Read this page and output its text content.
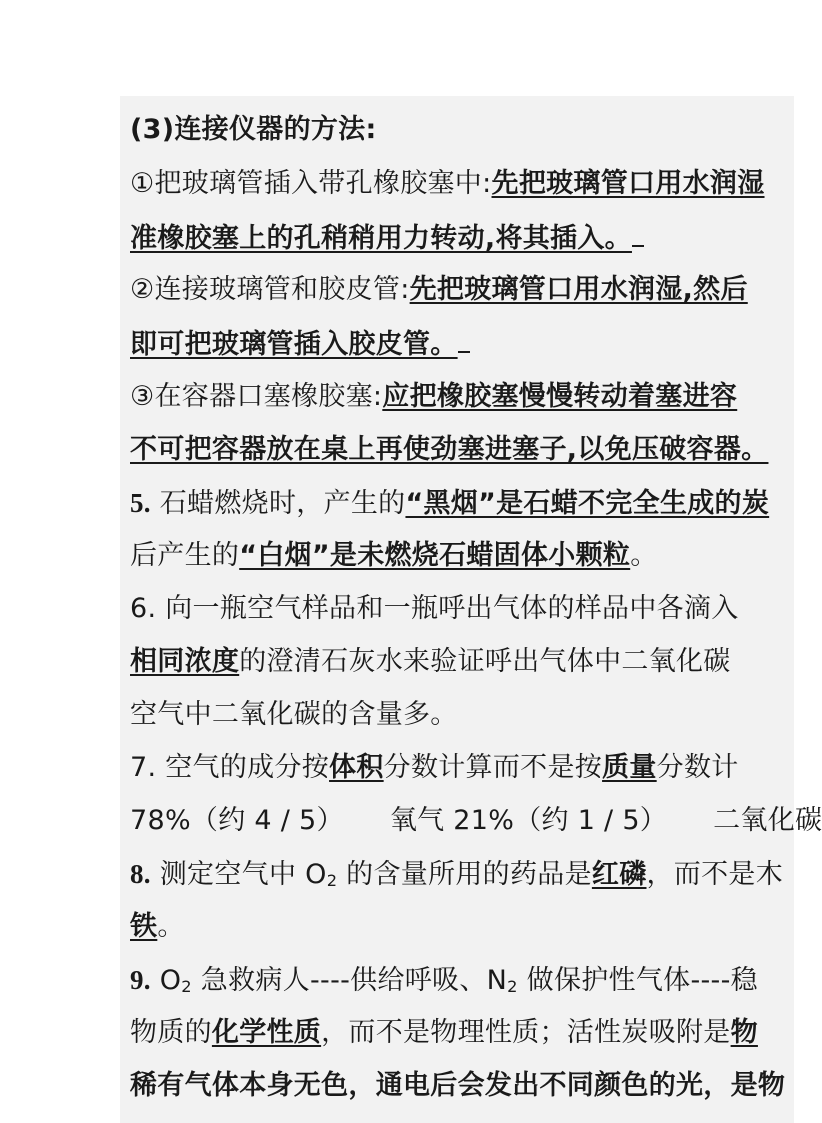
(3)连接仪器的方法:
①把玻璃管插入带孔橡胶塞中:先把玻璃管口用水润湿
准橡胶塞上的孔稍稍用力转动,将其插入。
②连接玻璃管和胶皮管:先把玻璃管口用水润湿,然后
即可把玻璃管插入胶皮管。
③在容器口塞橡胶塞:应把橡胶塞慢慢转动着塞进容
不可把容器放在桌上再使劲塞进塞子,以免压破容器。
5. 石蜡燃烧时，产生的“黑烟”是石蜡不完全生成的炭
后产生的“白烟”是未燃烧石蜡固体小颗粒。
6. 向一瓶空气样品和一瓶呼出气体的样品中各滴入
相同浓度的澄清石灰水来验证呼出气体中二氧化碳
空气中二氧化碳的含量多。
7. 空气的成分按体积分数计算而不是按质量分数计
78%（约 4 / 5） 氧气 21%（约 1 / 5） 二氧化碳
8. 测定空气中 $O_2$ 的含量所用的药品是红磷，而不是木
铁。
9. $O_2$ 急救病人----供给呼吸、$N_2$ 做保护性气体----稳
物质的化学性质，而不是物理性质；活性炭吸附是物
稀有气体本身无色，通电后会发出不同颜色的光，是物
